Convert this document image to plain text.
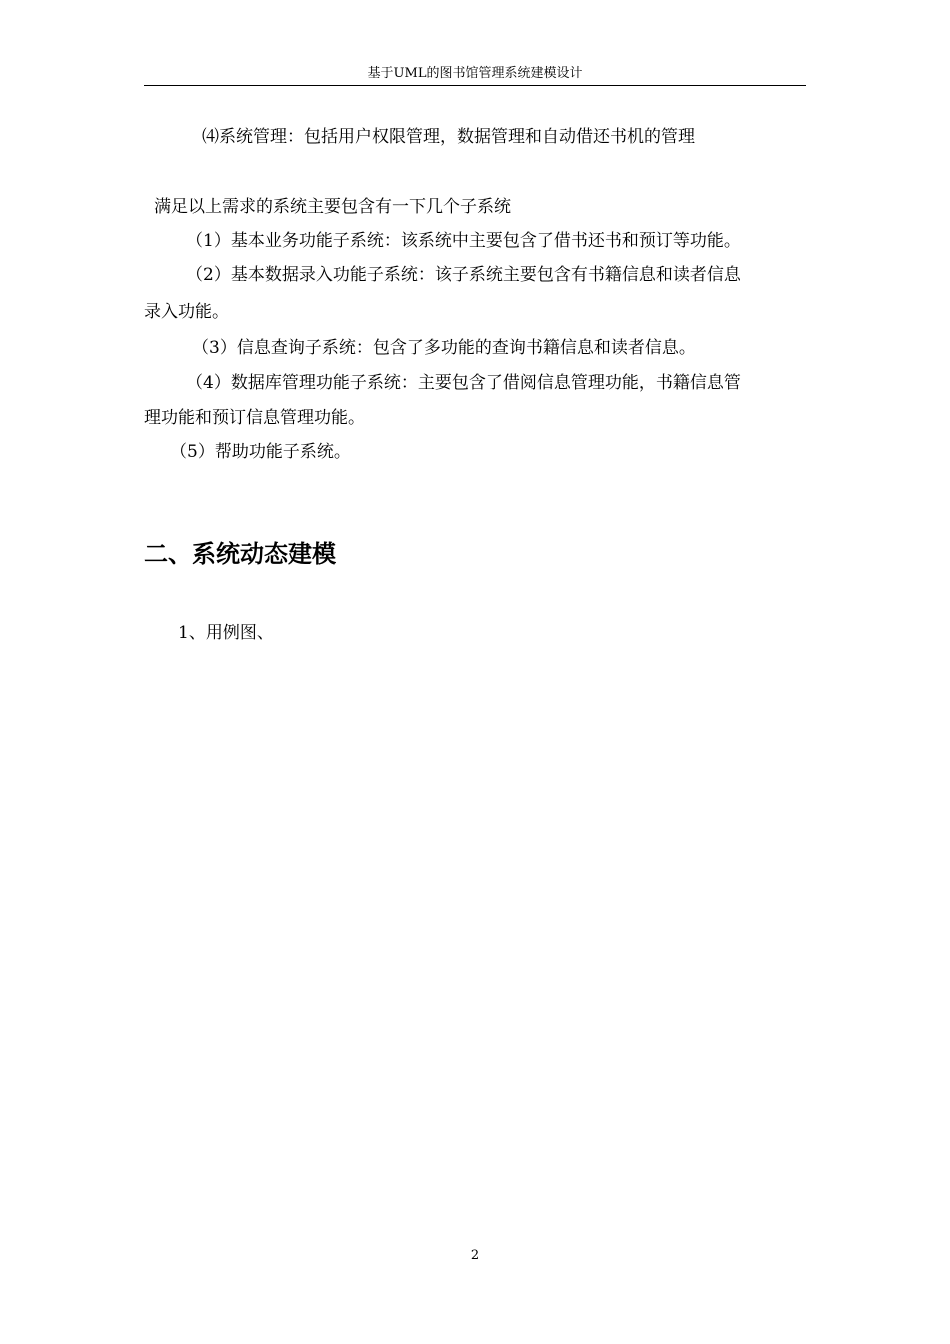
基于UML的图书馆管理系统建模设计
⑷系统管理：包括用户权限管理，数据管理和自动借还书机的管理
满足以上需求的系统主要包含有一下几个子系统
（1）基本业务功能子系统：该系统中主要包含了借书还书和预订等功能。
（2）基本数据录入功能子系统：该子系统主要包含有书籍信息和读者信息
录入功能。
（3）信息查询子系统：包含了多功能的查询书籍信息和读者信息。
（4）数据库管理功能子系统：主要包含了借阅信息管理功能，书籍信息管
理功能和预订信息管理功能。
（5）帮助功能子系统。
二、系统动态建模
1、用例图、
2
